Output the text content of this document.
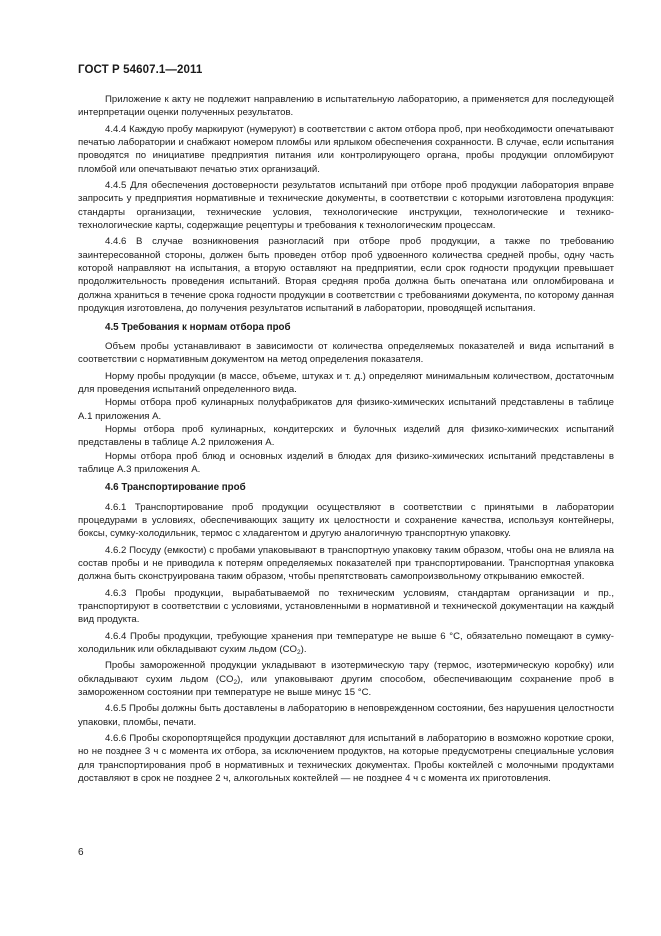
ГОСТ Р 54607.1—2011

Приложение к акту не подлежит направлению в испытательную лабораторию, а применяется для последующей интерпретации оценки полученных результатов.

4.4.4 Каждую пробу маркируют (нумеруют) в соответствии с актом отбора проб, при необходимости опечатывают печатью лаборатории и снабжают номером пломбы или ярлыком обеспечения сохранности. В случае, если испытания проводятся по инициативе предприятия питания или контролирующего органа, пробы продукции опломбируют пломбой или опечатывают печатью этих организаций.

4.4.5 Для обеспечения достоверности результатов испытаний при отборе проб продукции лаборатория вправе запросить у предприятия нормативные и технические документы, в соответствии с которыми изготовлена продукция: стандарты организации, технические условия, технологические инструкции, технологические и технико-технологические карты, содержащие рецептуры и требования к технологическим процессам.

4.4.6 В случае возникновения разногласий при отборе проб продукции, а также по требованию заинтересованной стороны, должен быть проведен отбор проб удвоенного количества средней пробы, одну часть которой направляют на испытания, а вторую оставляют на предприятии, если срок годности продукции превышает продолжительность проведения испытаний. Вторая средняя проба должна быть опечатана или опломбирована и должна храниться в течение срока годности продукции в соответствии с требованиями документа, по которому данная продукция изготовлена, до получения результатов испытаний в лаборатории, проводящей испытания.

4.5 Требования к нормам отбора проб

Объем пробы устанавливают в зависимости от количества определяемых показателей и вида испытаний в соответствии с нормативным документом на метод определения показателя.

Норму пробы продукции (в массе, объеме, штуках и т. д.) определяют минимальным количеством, достаточным для проведения испытаний определенного вида.

Нормы отбора проб кулинарных полуфабрикатов для физико-химических испытаний представлены в таблице А.1 приложения А.

Нормы отбора проб кулинарных, кондитерских и булочных изделий для физико-химических испытаний представлены в таблице А.2 приложения А.

Нормы отбора проб блюд и основных изделий в блюдах для физико-химических испытаний представлены в таблице А.3 приложения А.

4.6 Транспортирование проб

4.6.1 Транспортирование проб продукции осуществляют в соответствии с принятыми в лаборатории процедурами в условиях, обеспечивающих защиту их целостности и сохранение качества, используя контейнеры, боксы, сумку-холодильник, термос с хладагентом и другую аналогичную транспортную упаковку.

4.6.2 Посуду (емкости) с пробами упаковывают в транспортную упаковку таким образом, чтобы она не влияла на состав пробы и не приводила к потерям определяемых показателей при транспортировании. Транспортная упаковка должна быть сконструирована таким образом, чтобы препятствовать самопроизвольному открыванию емкостей.

4.6.3 Пробы продукции, вырабатываемой по техническим условиям, стандартам организации и пр., транспортируют в соответствии с условиями, установленными в нормативной и технической документации на каждый вид продукта.

4.6.4 Пробы продукции, требующие хранения при температуре не выше 6 °С, обязательно помещают в сумку-холодильник или обкладывают сухим льдом $(CO_2)$.

Пробы замороженной продукции укладывают в изотермическую тару (термос, изотермическую коробку) или обкладывают сухим льдом $(CO_2)$, или упаковывают другим способом, обеспечивающим сохранение проб в замороженном состоянии при температуре не выше минус 15 °С.

4.6.5 Пробы должны быть доставлены в лабораторию в неповрежденном состоянии, без нарушения целостности упаковки, пломбы, печати.

4.6.6 Пробы скоропортящейся продукции доставляют для испытаний в лабораторию в возможно короткие сроки, но не позднее 3 ч с момента их отбора, за исключением продуктов, на которые предусмотрены специальные условия для транспортирования проб в нормативных и технических документах. Пробы коктейлей с молочными продуктами доставляют в срок не позднее 2 ч, алкогольных коктейлей — не позднее 4 ч с момента их приготовления.

6
